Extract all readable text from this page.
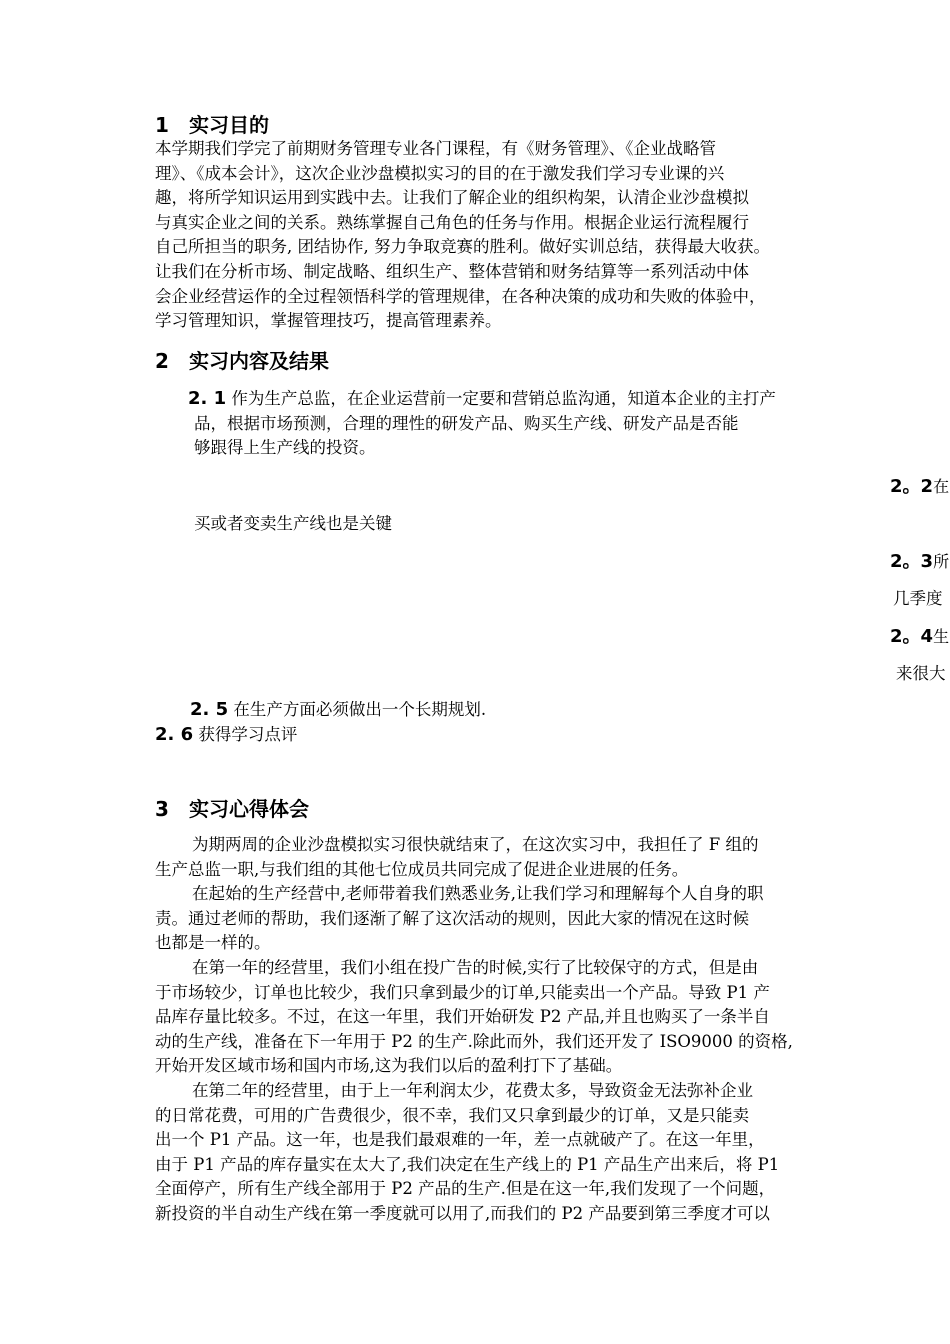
1 实习目的
本学期我们学完了前期财务管理专业各门课程，有《财务管理》、《企业战略管
理》、《成本会计》，这次企业沙盘模拟实习的目的在于激发我们学习专业课的兴
趣，将所学知识运用到实践中去。让我们了解企业的组织构架，认清企业沙盘模拟
与真实企业之间的关系。熟练掌握自己角色的任务与作用。根据企业运行流程履行
自己所担当的职务, 团结协作, 努力争取竞赛的胜利。做好实训总结，获得最大收获。
让我们在分析市场、制定战略、组织生产、整体营销和财务结算等一系列活动中体
会企业经营运作的全过程领悟科学的管理规律，在各种决策的成功和失败的体验中，
学习管理知识，掌握管理技巧，提高管理素养。
2 实习内容及结果
2. 1 作为生产总监，在企业运营前一定要和营销总监沟通，知道本企业的主打产
品，根据市场预测，合理的理性的研发产品、购买生产线、研发产品是否能
够跟得上生产线的投资。
2。2在
买或者变卖生产线也是关键
2。3所
几季度
2。4生
来很大
2. 5 在生产方面必须做出一个长期规划.
2. 6 获得学习点评
3 实习心得体会
为期两周的企业沙盘模拟实习很快就结束了，在这次实习中，我担任了 F 组的
生产总监一职,与我们组的其他七位成员共同完成了促进企业进展的任务。
在起始的生产经营中,老师带着我们熟悉业务,让我们学习和理解每个人自身的职
责。通过老师的帮助，我们逐渐了解了这次活动的规则，因此大家的情况在这时候
也都是一样的。
在第一年的经营里，我们小组在投广告的时候,实行了比较保守的方式，但是由
于市场较少，订单也比较少，我们只拿到最少的订单,只能卖出一个产品。导致 P1 产
品库存量比较多。不过，在这一年里，我们开始研发 P2 产品,并且也购买了一条半自
动的生产线，准备在下一年用于 P2 的生产.除此而外，我们还开发了 ISO9000 的资格,
开始开发区域市场和国内市场,这为我们以后的盈利打下了基础。
在第二年的经营里，由于上一年利润太少，花费太多，导致资金无法弥补企业
的日常花费，可用的广告费很少，很不幸，我们又只拿到最少的订单，又是只能卖
出一个 P1 产品。这一年，也是我们最艰难的一年，差一点就破产了。在这一年里，
由于 P1 产品的库存量实在太大了,我们决定在生产线上的 P1 产品生产出来后，将 P1
全面停产，所有生产线全部用于 P2 产品的生产.但是在这一年,我们发现了一个问题，
新投资的半自动生产线在第一季度就可以用了,而我们的 P2 产品要到第三季度才可以
